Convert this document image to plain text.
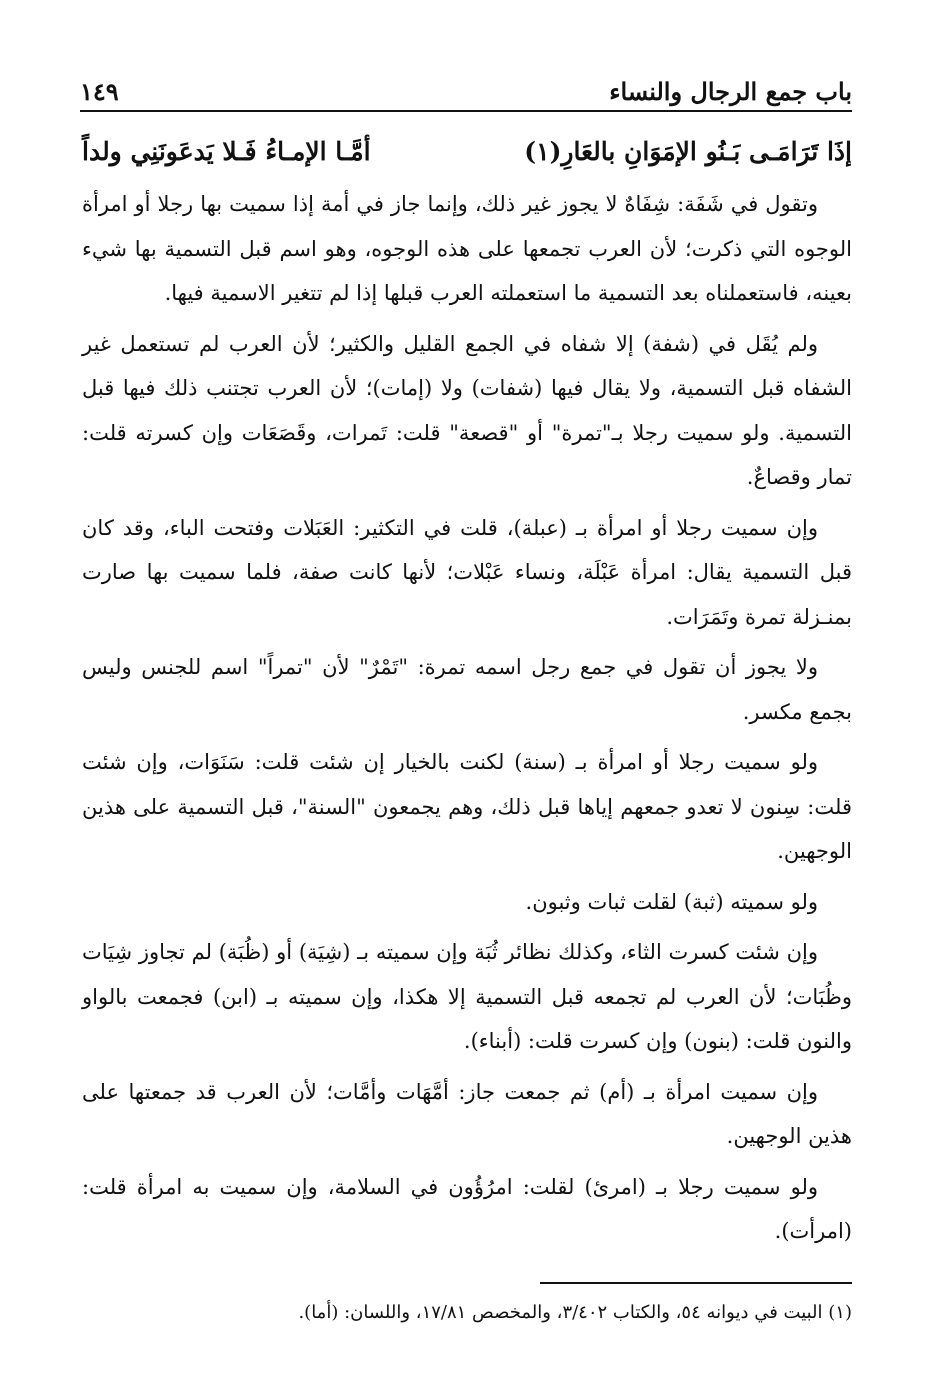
باب جمع الرجال والنساء
١٤٩
إذَا تَرَامَـى بَـنُو الإمَوَانِ بالعَارِ(١)
أمَّـا الإمـاءُ فَـلا يَدعَونَنِي ولداً

وتقول في شَفَة: شِفَاهٌ لا يجوز غير ذلك، وإنما جاز في أمة إذا سميت بها رجلا أو امرأة الوجوه التي ذكرت؛ لأن العرب تجمعها على هذه الوجوه، وهو اسم قبل التسمية بها شيء بعينه، فاستعملناه بعد التسمية ما استعملته العرب قبلها إذا لم تتغير الاسمية فيها.

ولم يُقَل في (شفة) إلا شفاه في الجمع القليل والكثير؛ لأن العرب لم تستعمل غير الشفاه قبل التسمية، ولا يقال فيها (شفات) ولا (إمات)؛ لأن العرب تجتنب ذلك فيها قبل التسمية. ولو سميت رجلا بـ"تمرة" أو "قصعة" قلت: تَمرات، وقَصَعَات وإن كسرته قلت: تمار وقصاعٌ.

وإن سميت رجلا أو امرأة بـ (عبلة)، قلت في التكثير: العَبَلات وفتحت الباء، وقد كان قبل التسمية يقال: امرأة عَبْلَة، ونساء عَبْلات؛ لأنها كانت صفة، فلما سميت بها صارت بمنـزلة تمرة وتَمَرَات.

ولا يجوز أن تقول في جمع رجل اسمه تمرة: "تَمْرٌ" لأن "تمراً" اسم للجنس وليس بجمع مكسر.

ولو سميت رجلا أو امرأة بـ (سنة) لكنت بالخيار إن شئت قلت: سَنَوَات، وإن شئت قلت: سِنون لا تعدو جمعهم إياها قبل ذلك، وهم يجمعون "السنة"، قبل التسمية على هذين الوجهين.

ولو سميته (ثبة) لقلت ثبات وثبون.

وإن شئت كسرت الثاء، وكذلك نظائر ثُبَة وإن سميته بـ (شِيَة) أو (ظُبَة) لم تجاوز شِيَات وظُبَات؛ لأن العرب لم تجمعه قبل التسمية إلا هكذا، وإن سميته بـ (ابن) فجمعت بالواو والنون قلت: (بنون) وإن كسرت قلت: (أبناء).

وإن سميت امرأة بـ (أم) ثم جمعت جاز: أمَّهَات وأمَّات؛ لأن العرب قد جمعتها على هذين الوجهين.

ولو سميت رجلا بـ (امرئ) لقلت: امرُؤُون في السلامة، وإن سميت به امرأة قلت: (امرأت).

(١) البيت في ديوانه ٥٤، والكتاب ٣/٤٠٢، والمخصص ١٧/٨١، واللسان: (أما).
